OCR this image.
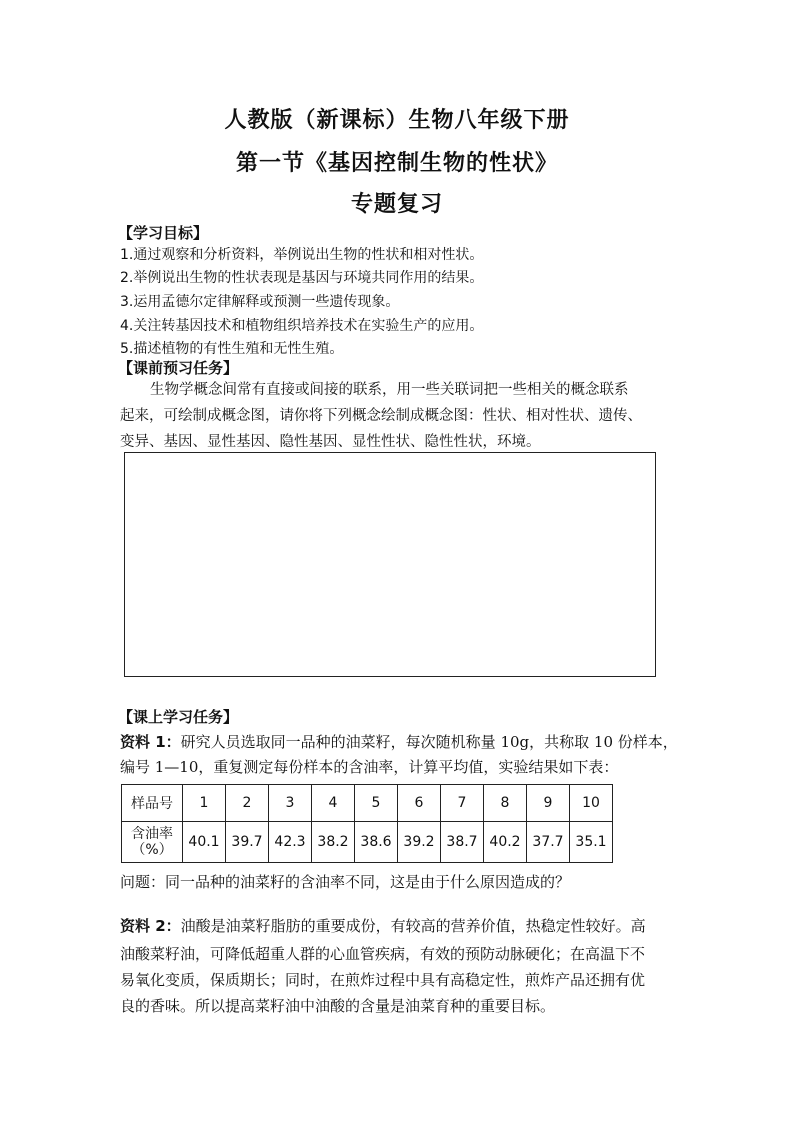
人教版（新课标）生物八年级下册
第一节《基因控制生物的性状》
专题复习
【学习目标】
1.通过观察和分析资料，举例说出生物的性状和相对性状。
2.举例说出生物的性状表现是基因与环境共同作用的结果。
3.运用孟德尔定律解释或预测一些遗传现象。
4.关注转基因技术和植物组织培养技术在实验生产的应用。
5.描述植物的有性生殖和无性生殖。
【课前预习任务】
生物学概念间常有直接或间接的联系，用一些关联词把一些相关的概念联系
起来，可绘制成概念图，请你将下列概念绘制成概念图：性状、相对性状、遗传、
变异、基因、显性基因、隐性基因、显性性状、隐性性状，环境。
【课上学习任务】
资料 1：研究人员选取同一品种的油菜籽，每次随机称量 10g，共称取 10 份样本，
编号 1—10，重复测定每份样本的含油率，计算平均值，实验结果如下表：
样品号	1	2	3	4	5	6	7	8	9	10

含油率
（%）	40.1	39.7	42.3	38.2	38.6	39.2	38.7	40.2	37.7	35.1
问题：同一品种的油菜籽的含油率不同，这是由于什么原因造成的？
资料 2：油酸是油菜籽脂肪的重要成份，有较高的营养价值，热稳定性较好。高
油酸菜籽油，可降低超重人群的心血管疾病，有效的预防动脉硬化；在高温下不
易氧化变质，保质期长；同时，在煎炸过程中具有高稳定性，煎炸产品还拥有优
良的香味。所以提高菜籽油中油酸的含量是油菜育种的重要目标。
